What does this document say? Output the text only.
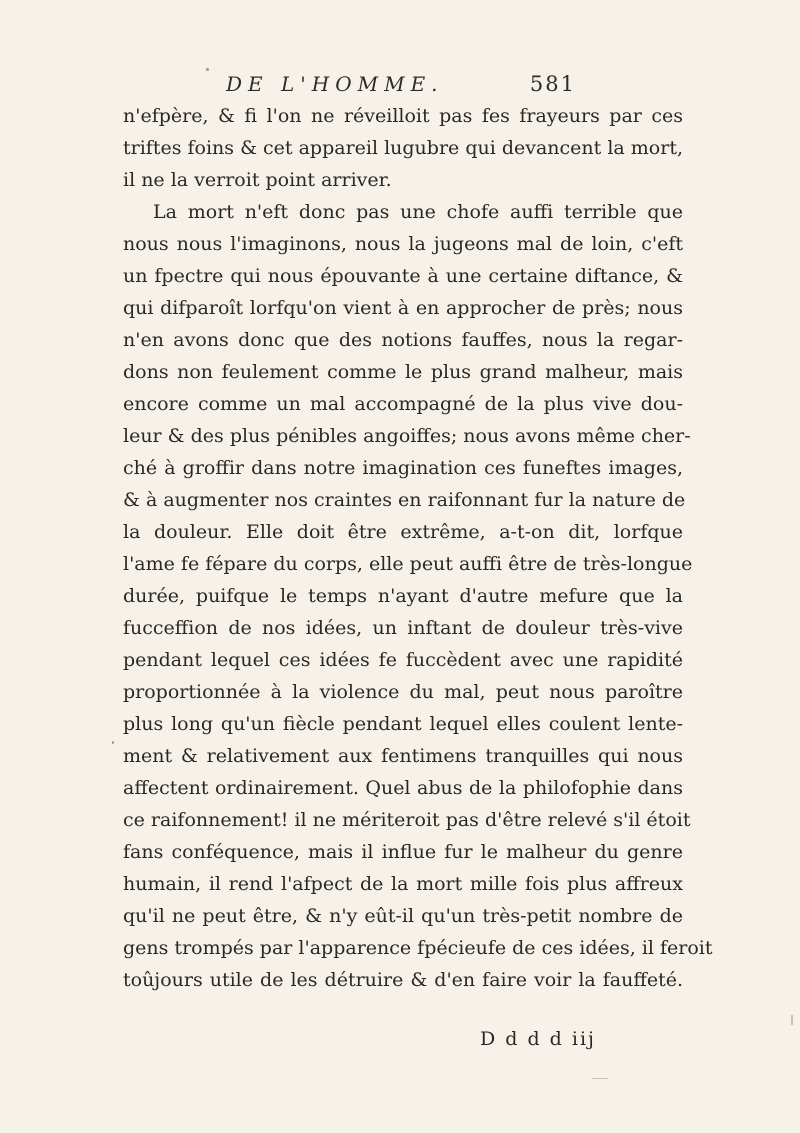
DE L'HOMME.	581
n'efpère, & fi l'on ne réveilloit pas fes frayeurs par ces
triftes foins & cet appareil lugubre qui devancent la mort,
il ne la verroit point arriver.
La mort n'eft donc pas une chofe auffi terrible que
nous nous l'imaginons, nous la jugeons mal de loin, c'eft
un fpectre qui nous épouvante à une certaine diftance, &
qui difparoît lorfqu'on vient à en approcher de près; nous
n'en avons donc que des notions fauffes, nous la regar-
dons non feulement comme le plus grand malheur, mais
encore comme un mal accompagné de la plus vive dou-
leur & des plus pénibles angoiffes; nous avons même cher-
ché à groffir dans notre imagination ces funeftes images,
& à augmenter nos craintes en raifonnant fur la nature de
la douleur. Elle doit être extrême, a-t-on dit, lorfque
l'ame fe fépare du corps, elle peut auffi être de très-longue
durée, puifque le temps n'ayant d'autre mefure que la
fucceffion de nos idées, un inftant de douleur très-vive
pendant lequel ces idées fe fuccèdent avec une rapidité
proportionnée à la violence du mal, peut nous paroître
plus long qu'un fiècle pendant lequel elles coulent lente-
ment & relativement aux fentimens tranquilles qui nous
affectent ordinairement. Quel abus de la philofophie dans
ce raifonnement! il ne mériteroit pas d'être relevé s'il étoit
fans conféquence, mais il influe fur le malheur du genre
humain, il rend l'afpect de la mort mille fois plus affreux
qu'il ne peut être, & n'y eût-il qu'un très-petit nombre de
gens trompés par l'apparence fpécieufe de ces idées, il feroit
toûjours utile de les détruire & d'en faire voir la fauffeté.
D d d d iij
